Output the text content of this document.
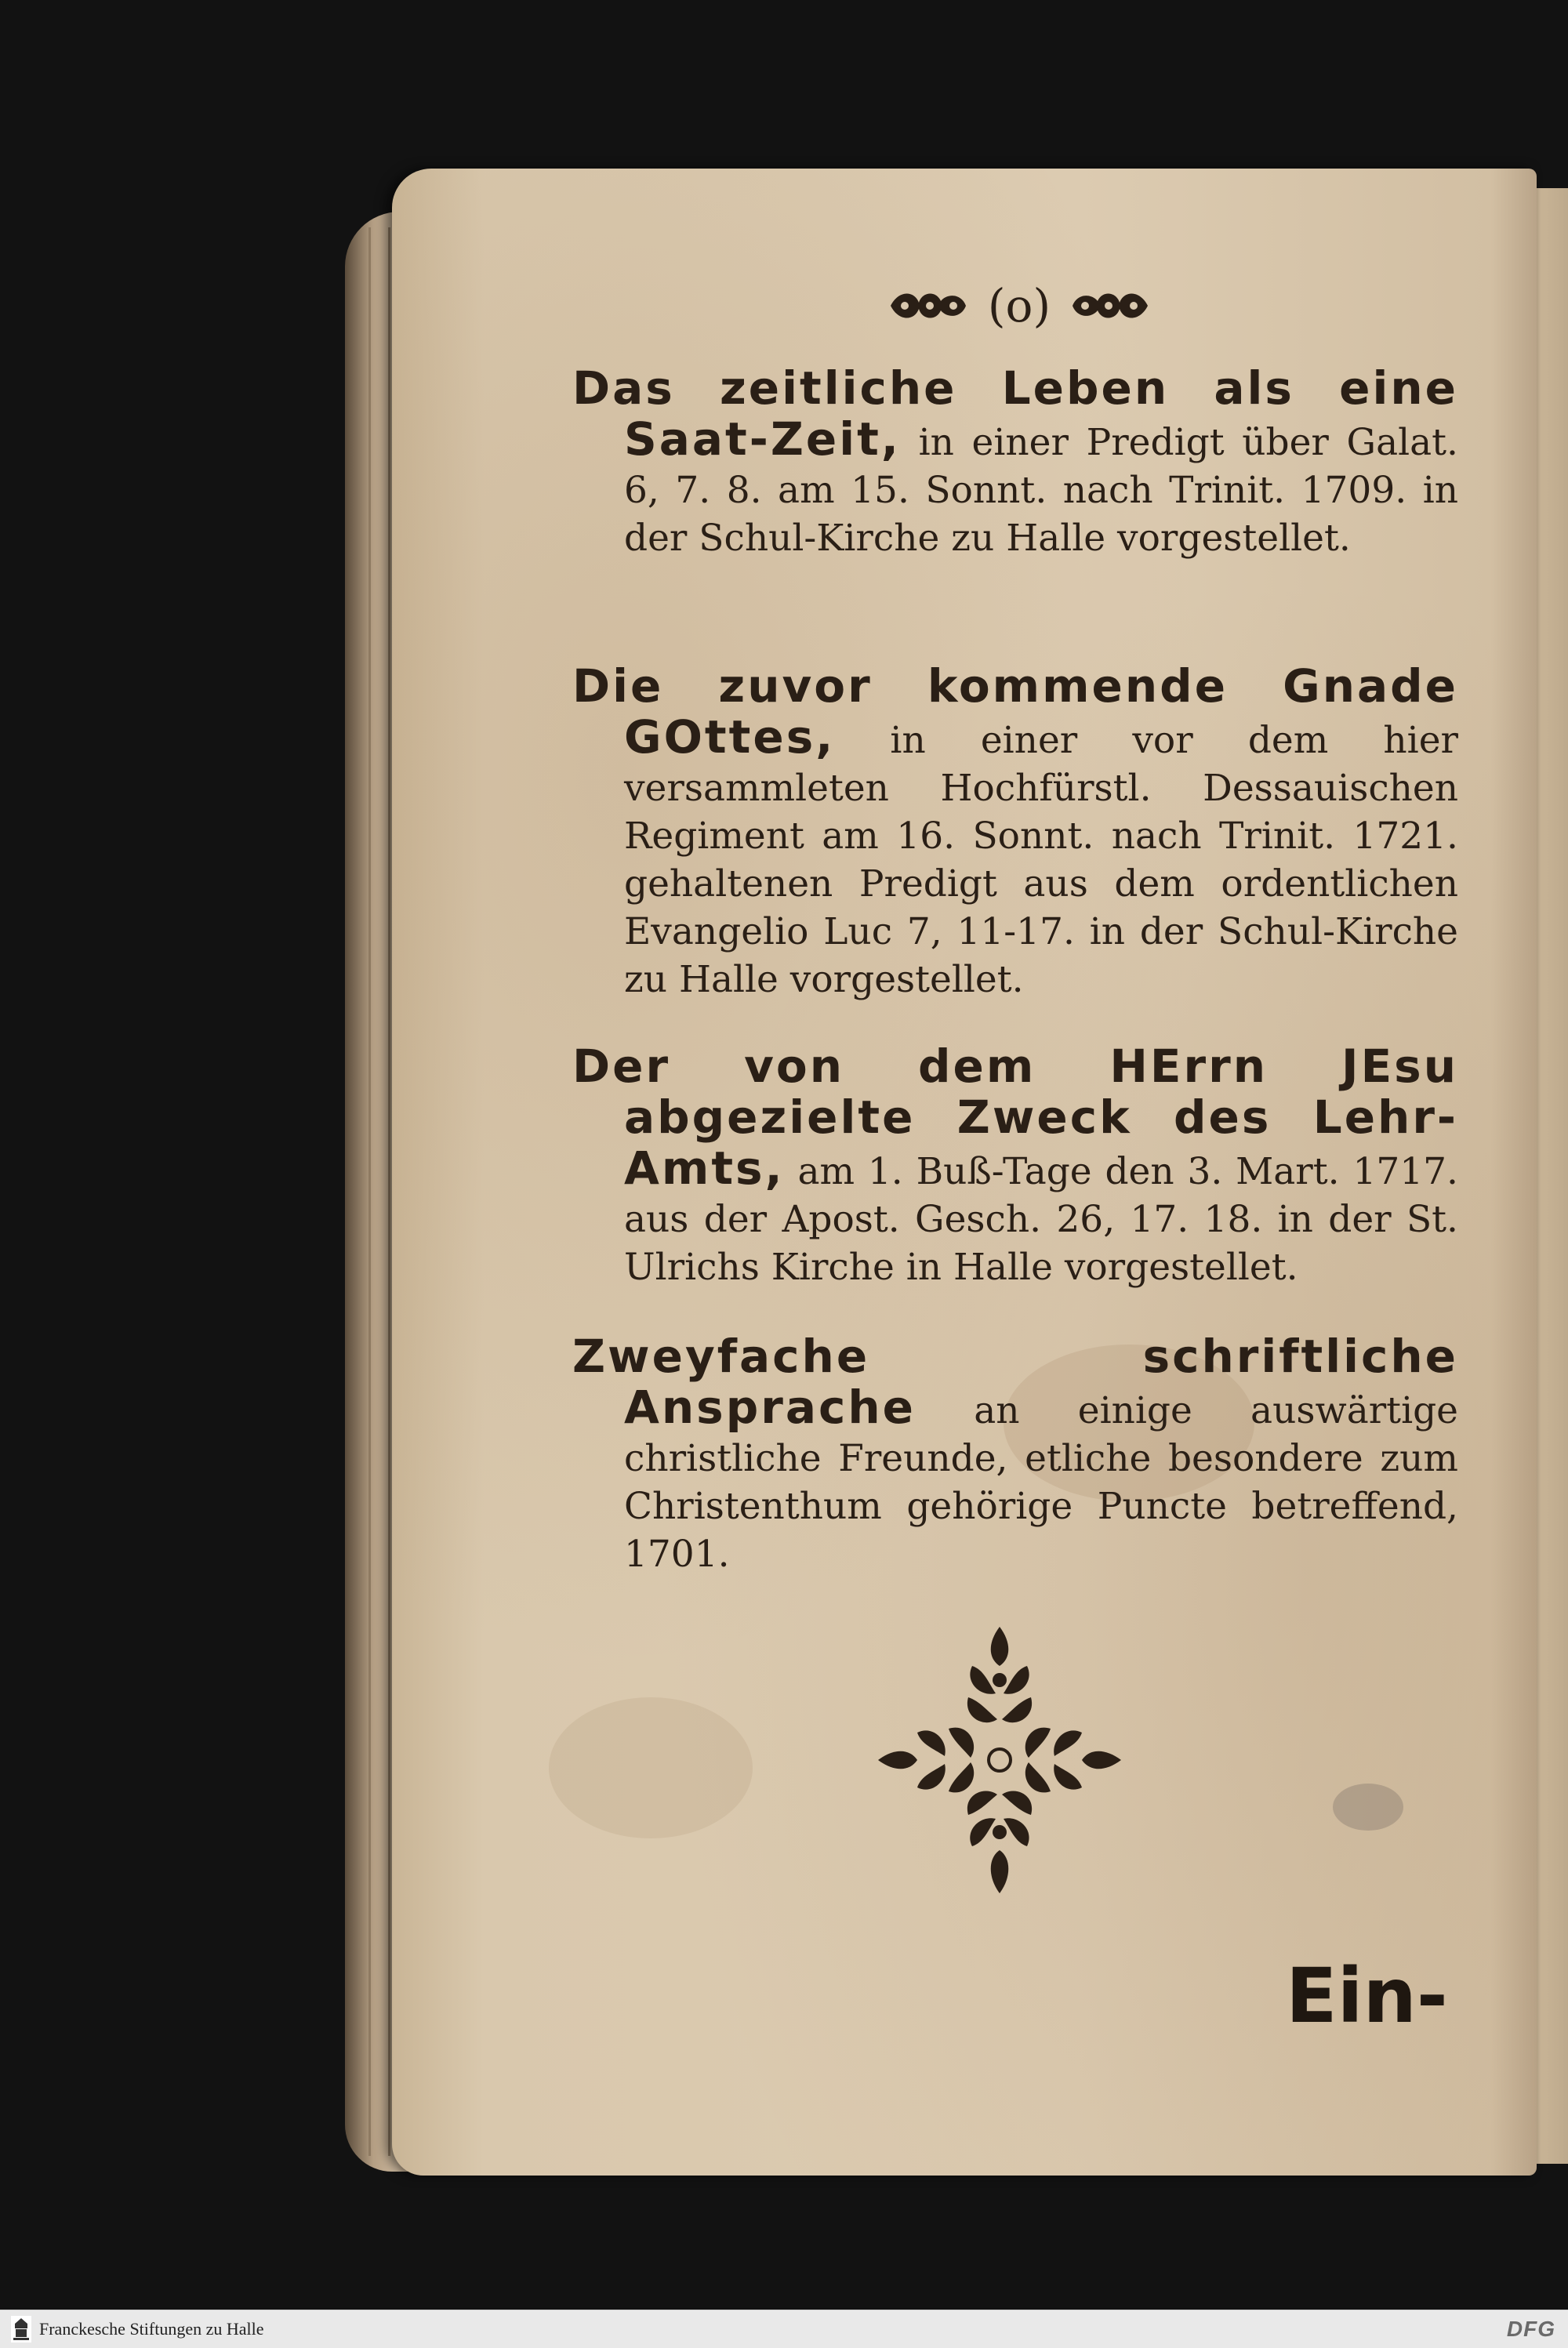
(o)

Das zeitliche Leben als eine Saat-Zeit, in einer Predigt über Galat. 6, 7. 8. am 15. Sonnt. nach Trinit. 1709. in der Schul-Kirche zu Halle vorgestellet.

Die zuvor kommende Gnade GOttes, in einer vor dem hier versammleten Hochfürstl. Dessauischen Regiment am 16. Sonnt. nach Trinit. 1721. gehaltenen Predigt aus dem ordentlichen Evangelio Luc 7, 11-17. in der Schul-Kirche zu Halle vorgestellet.

Der von dem HErrn JEsu abgezielte Zweck des Lehr-Amts, am 1. Buß-Tage den 3. Mart. 1717. aus der Apost. Gesch. 26, 17. 18. in der St. Ulrichs Kirche in Halle vorgestellet.

Zweyfache schriftliche Ansprache an einige auswärtige christliche Freunde, etliche besondere zum Christenthum gehörige Puncte betreffend, 1701.

Ein-
Franckesche Stiftungen zu Halle	DFG
